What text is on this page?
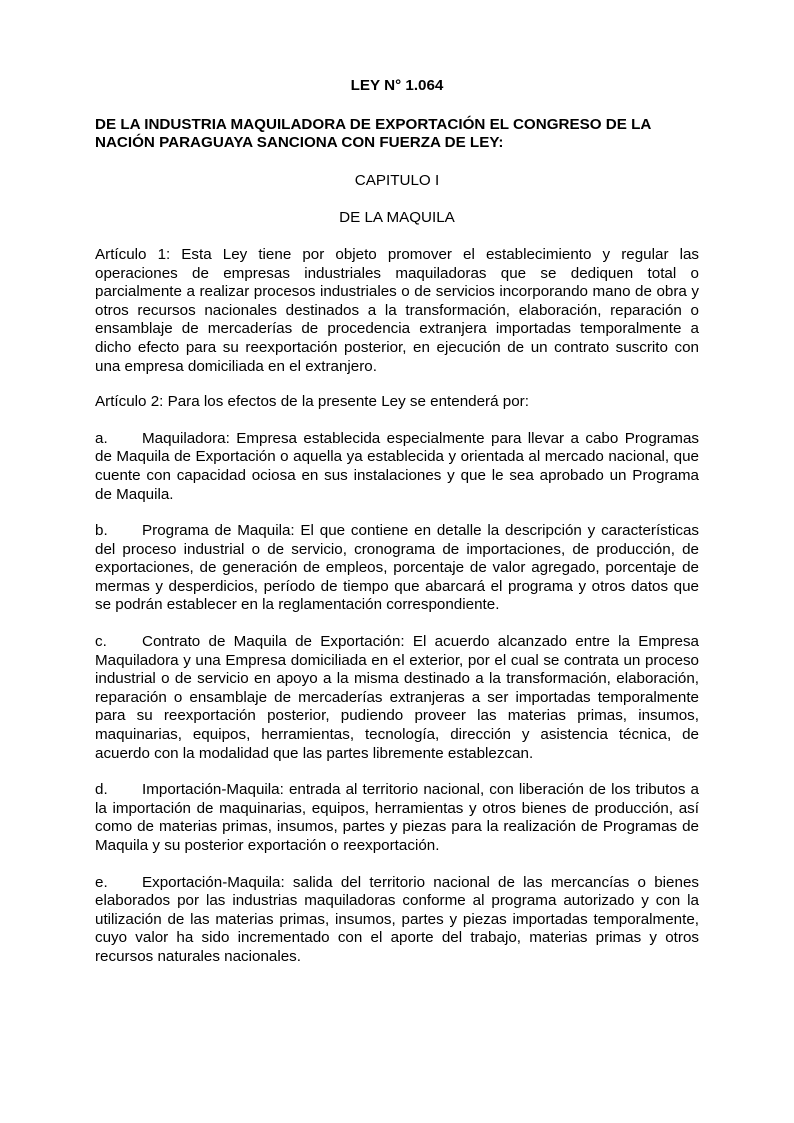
LEY N° 1.064

DE LA INDUSTRIA MAQUILADORA DE EXPORTACIÓN EL CONGRESO DE LA NACIÓN PARAGUAYA SANCIONA CON FUERZA DE LEY:

CAPITULO I

DE LA MAQUILA

Artículo 1: Esta Ley tiene por objeto promover el establecimiento y regular las operaciones de empresas industriales maquiladoras que se dediquen total o parcialmente a realizar procesos industriales o de servicios incorporando mano de obra y otros recursos nacionales destinados a la transformación, elaboración, reparación o ensamblaje de mercaderías de procedencia extranjera importadas temporalmente a dicho efecto para su reexportación posterior, en ejecución de un contrato suscrito con una empresa domiciliada en el extranjero.

Artículo 2: Para los efectos de la presente Ley se entenderá por:

a. Maquiladora: Empresa establecida especialmente para llevar a cabo Programas de Maquila de Exportación o aquella ya establecida y orientada al mercado nacional, que cuente con capacidad ociosa en sus instalaciones y que le sea aprobado un Programa de Maquila.

b. Programa de Maquila: El que contiene en detalle la descripción y características del proceso industrial o de servicio, cronograma de importaciones, de producción, de exportaciones, de generación de empleos, porcentaje de valor agregado, porcentaje de mermas y desperdicios, período de tiempo que abarcará el programa y otros datos que se podrán establecer en la reglamentación correspondiente.

c. Contrato de Maquila de Exportación: El acuerdo alcanzado entre la Empresa Maquiladora y una Empresa domiciliada en el exterior, por el cual se contrata un proceso industrial o de servicio en apoyo a la misma destinado a la transformación, elaboración, reparación o ensamblaje de mercaderías extranjeras a ser importadas temporalmente para su reexportación posterior, pudiendo proveer las materias primas, insumos, maquinarias, equipos, herramientas, tecnología, dirección y asistencia técnica, de acuerdo con la modalidad que las partes libremente establezcan.

d. Importación-Maquila: entrada al territorio nacional, con liberación de los tributos a la importación de maquinarias, equipos, herramientas y otros bienes de producción, así como de materias primas, insumos, partes y piezas para la realización de Programas de Maquila y su posterior exportación o reexportación.

e. Exportación-Maquila: salida del territorio nacional de las mercancías o bienes elaborados por las industrias maquiladoras conforme al programa autorizado y con la utilización de las materias primas, insumos, partes y piezas importadas temporalmente, cuyo valor ha sido incrementado con el aporte del trabajo, materias primas y otros recursos naturales nacionales.
